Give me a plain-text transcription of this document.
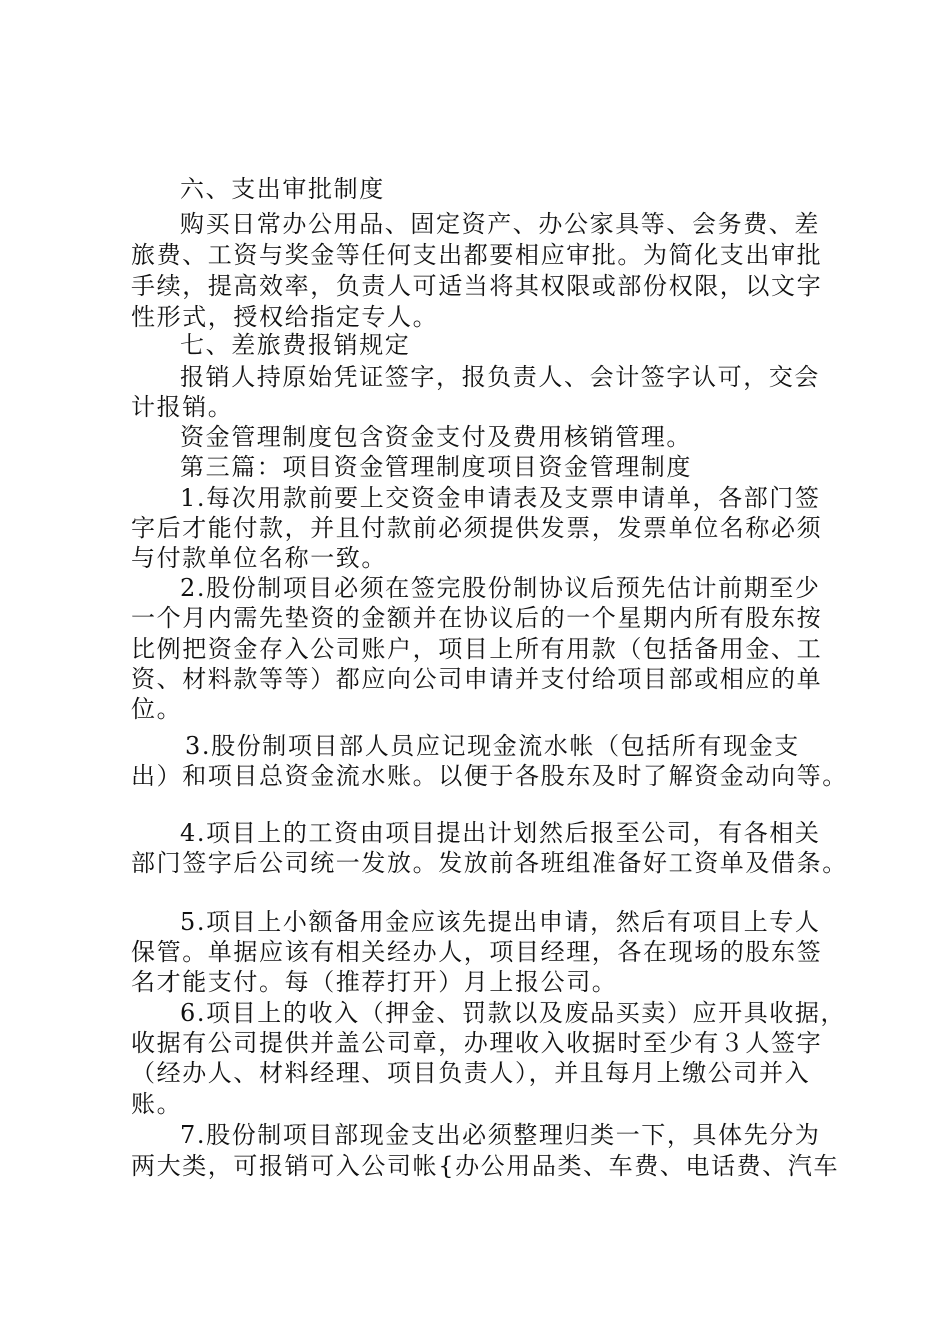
六、支出审批制度
购买日常办公用品、固定资产、办公家具等、会务费、差
旅费、工资与奖金等任何支出都要相应审批。为简化支出审批
手续，提高效率，负责人可适当将其权限或部份权限，以文字
性形式，授权给指定专人。
七、差旅费报销规定
报销人持原始凭证签字，报负责人、会计签字认可，交会
计报销。
资金管理制度包含资金支付及费用核销管理。
第三篇：项目资金管理制度项目资金管理制度
1.每次用款前要上交资金申请表及支票申请单，各部门签
字后才能付款，并且付款前必须提供发票，发票单位名称必须
与付款单位名称一致。
2.股份制项目必须在签完股份制协议后预先估计前期至少
一个月内需先垫资的金额并在协议后的一个星期内所有股东按
比例把资金存入公司账户，项目上所有用款（包括备用金、工
资、材料款等等）都应向公司申请并支付给项目部或相应的单
位。
3.股份制项目部人员应记现金流水帐（包括所有现金支
出）和项目总资金流水账。以便于各股东及时了解资金动向等。
4.项目上的工资由项目提出计划然后报至公司，有各相关
部门签字后公司统一发放。发放前各班组准备好工资单及借条。
5.项目上小额备用金应该先提出申请，然后有项目上专人
保管。单据应该有相关经办人，项目经理，各在现场的股东签
名才能支付。每（推荐打开）月上报公司。
6.项目上的收入（押金、罚款以及废品买卖）应开具收据，
收据有公司提供并盖公司章，办理收入收据时至少有３人签字
（经办人、材料经理、项目负责人），并且每月上缴公司并入
账。
7.股份制项目部现金支出必须整理归类一下，具体先分为
两大类，可报销可入公司帐{办公用品类、车费、电话费、汽车
